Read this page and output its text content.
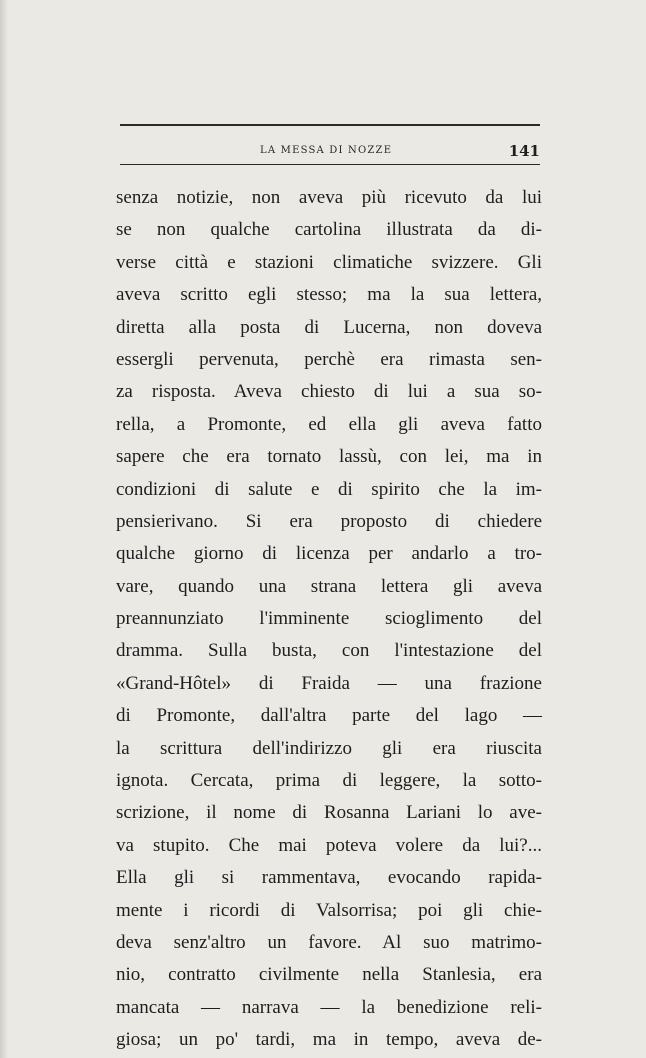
LA MESSA DI NOZZE	141
senza notizie, non aveva più ricevuto da lui
se non qualche cartolina illustrata da di-
verse città e stazioni climatiche svizzere. Gli
aveva scritto egli stesso; ma la sua lettera,
diretta alla posta di Lucerna, non doveva
essergli pervenuta, perchè era rimasta sen-
za risposta. Aveva chiesto di lui a sua so-
rella, a Promonte, ed ella gli aveva fatto
sapere che era tornato lassù, con lei, ma in
condizioni di salute e di spirito che la im-
pensierivano. Si era proposto di chiedere
qualche giorno di licenza per andarlo a tro-
vare, quando una strana lettera gli aveva
preannunziato l'imminente scioglimento del
dramma. Sulla busta, con l'intestazione del
«Grand-Hôtel» di Fraida — una frazione
di Promonte, dall'altra parte del lago —
la scrittura dell'indirizzo gli era riuscita
ignota. Cercata, prima di leggere, la sotto-
scrizione, il nome di Rosanna Lariani lo ave-
va stupito. Che mai poteva volere da lui?...
Ella gli si rammentava, evocando rapida-
mente i ricordi di Valsorrisa; poi gli chie-
deva senz'altro un favore. Al suo matrimo-
nio, contratto civilmente nella Stanlesia, era
mancata — narrava — la benedizione reli-
giosa; un po' tardi, ma in tempo, aveva de-
